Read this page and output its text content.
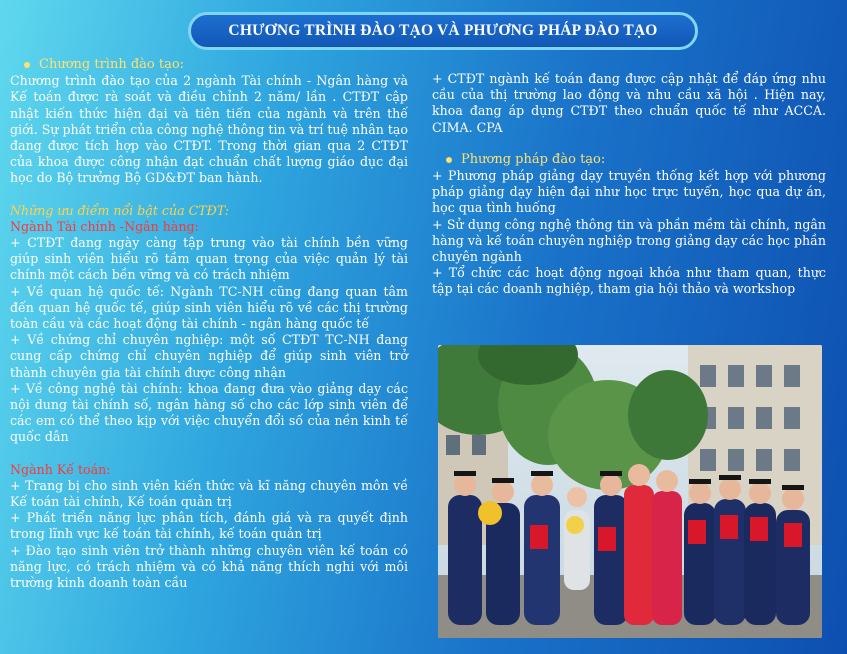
CHƯƠNG TRÌNH ĐÀO TẠO VÀ PHƯƠNG PHÁP ĐÀO TẠO
Chương trình đào tạo:

Chương trình đào tạo của 2 ngành Tài chính - Ngân hàng và Kế toán được rà soát và điều chỉnh 2 năm/ lần . CTĐT cập nhật kiến thức hiện đại và tiên tiến của ngành và trên thế giới. Sự phát triển của công nghệ thông tin và trí tuệ nhân tạo đang được tích hợp vào CTĐT. Trong thời gian qua 2 CTĐT của khoa được công nhận đạt chuẩn chất lượng giáo dục đại học do Bộ trưởng Bộ GD&ĐT ban hành.

Những ưu điểm nổi bật của CTĐT:

Ngành Tài chính -Ngân hàng:

+ CTĐT đang ngày càng tập trung vào tài chính bền vững giúp sinh viên hiểu rõ tầm quan trọng của việc quản lý tài chính một cách bền vững và có trách nhiệm

+ Về quan hệ quốc tế: Ngành TC-NH cũng đang quan tâm đến quan hệ quốc tế, giúp sinh viên hiểu rõ về các thị trường toàn cầu và các hoạt động tài chính - ngân hàng quốc tế

+ Về chứng chỉ chuyên nghiệp: một số CTĐT TC-NH đang cung cấp chứng chỉ chuyên nghiệp để giúp sinh viên trở thành chuyên gia tài chính được công nhận

+ Về công nghệ tài chính: khoa đang đưa vào giảng dạy các nội dung tài chính số, ngân hàng số cho các lớp sinh viên để các em có thể theo kịp với việc chuyển đổi số của nền kinh tế quốc dân

Ngành Kế toán:

+ Trang bị cho sinh viên kiến thức và kĩ năng chuyên môn về Kế toán tài chính, Kế toán quản trị

+ Phát triển năng lực phân tích, đánh giá và ra quyết định trong lĩnh vực kế toán tài chính, kế toán quản trị

+ Đào tạo sinh viên trở thành những chuyên viên kế toán có năng lực, có trách nhiệm và có khả năng thích nghi với môi trường kinh doanh toàn cầu

+ CTĐT ngành kế toán đang được cập nhật để đáp ứng nhu cầu của thị trường lao động và nhu cầu xã hội . Hiện nay, khoa đang áp dụng CTĐT theo chuẩn quốc tế như ACCA. CIMA. CPA

Phương pháp đào tạo:

+ Phương pháp giảng dạy truyền thống kết hợp với phương pháp giảng dạy hiện đại như học trực tuyến, học qua dự án, học qua tình huống

+ Sử dụng công nghệ thông tin và phần mềm tài chính, ngân hàng và kế toán chuyên nghiệp trong giảng dạy các học phần chuyên ngành

+ Tổ chức các hoạt động ngoại khóa như tham quan, thực tập tại các doanh nghiệp, tham gia hội thảo và workshop
